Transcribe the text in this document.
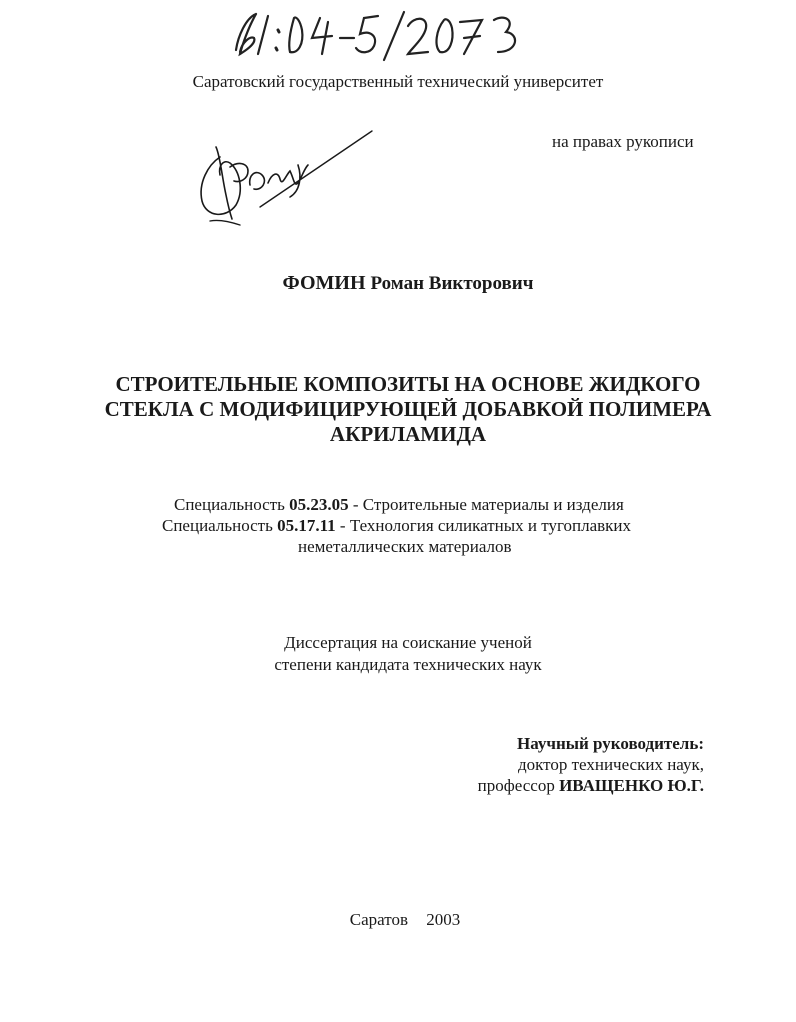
Саратовский государственный технический университет
на правах рукописи
ФОМИН Роман Викторович
СТРОИТЕЛЬНЫЕ КОМПОЗИТЫ НА ОСНОВЕ ЖИДКОГО
СТЕКЛА С МОДИФИЦИРУЮЩЕЙ ДОБАВКОЙ ПОЛИМЕРА
АКРИЛАМИДА
Специальность 05.23.05 - Строительные материалы и изделия
Специальность 05.17.11 - Технология силикатных и тугоплавких
неметаллических материалов
Диссертация на соискание ученой
степени кандидата технических наук
Научный руководитель:
доктор технических наук,
профессор ИВАЩЕНКО Ю.Г.
Саратов 2003
